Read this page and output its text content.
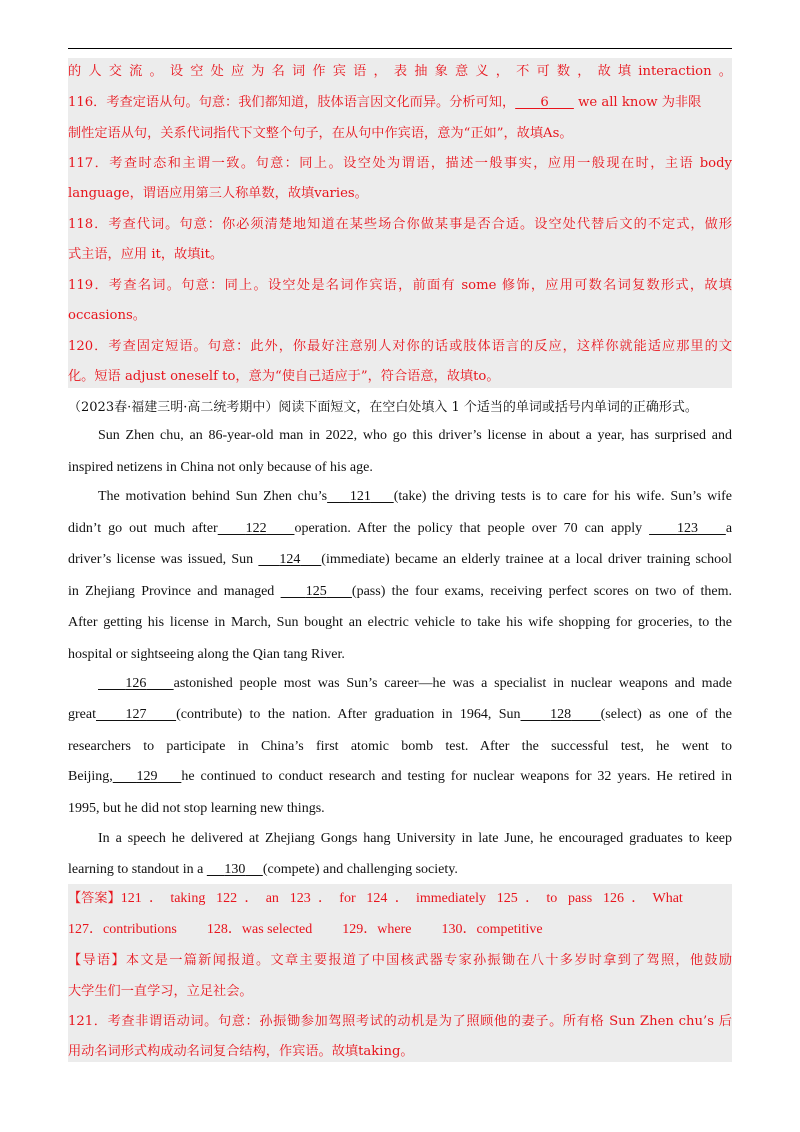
的人交流。设空处应为名词作宾语，表抽象意义，不可数，故填interaction。
116．考查定语从句。句意：我们都知道，肢体语言因文化而异。分析可知， 6       we all know 为非限
制性定语从句，关系代词指代下文整个句子，在从句中作宾语，意为“正如”，故填As。
117．考查时态和主谓一致。句意：同上。设空处为谓语，描述一般事实，应用一般现在时，主语 body
language，谓语应用第三人称单数，故填varies。
118．考查代词。句意：你必须清楚地知道在某些场合你做某事是否合适。设空处代替后文的不定式，做形
式主语，应用 it，故填it。
119．考查名词。句意：同上。设空处是名词作宾语，前面有 some 修饰，应用可数名词复数形式，故填
occasions。
120．考查固定短语。句意：此外，你最好注意别人对你的话或肢体语言的反应，这样你就能适应那里的文
化。短语 adjust oneself to，意为“使自己适应于”，符合语意，故填to。
（2023春·福建三明·高二统考期中）阅读下面短文，在空白处填入 1 个适当的单词或括号内单词的正确形式。
Sun Zhen chu, an 86-year-old man in 2022, who go this driver’s license in about a year, has surprised and
inspired netizens in China not only because of his age.
The motivation behind Sun Zhen chu’s 121 (take) the driving tests is to care for his wife. Sun’s wife
didn’t go out much after 122 operation. After the policy that people over 70 can apply     123 a
driver’s license was issued, Sun     124 (immediate) became an elderly trainee at a local driver training school
in Zhejiang Province and managed     125 (pass) the four exams, receiving perfect scores on two of them.
After getting his license in March, Sun bought an electric vehicle to take his wife shopping for groceries, to the
hospital or sightseeing along the Qian tang River.
126 astonished people most was Sun’s career—he was a specialist in nuclear weapons and made
great 127 (contribute) to the nation. After graduation in 1964, Sun 128 (select) as one of the
researchers to participate in China’s first atomic bomb test. After the successful test, he went to
Beijing, 129 he continued to conduct research and testing for nuclear weapons for 32 years. He retired in
1995, but he did not stop learning new things.
In a speech he delivered at Zhejiang Gongs hang University in late June, he encouraged graduates to keep
learning to standout in a      130 (compete) and challenging society.
【答案】121．taking 122．an 123．for 124．immediately 125．to pass 126．What
127．contributions 128．was selected 129．where 130．competitive
【导语】本文是一篇新闻报道。文章主要报道了中国核武器专家孙振锄在八十多岁时拿到了驾照，他鼓励
大学生们一直学习，立足社会。
121．考查非谓语动词。句意：孙振锄参加驾照考试的动机是为了照顾他的妻子。所有格 Sun Zhen chu’s 后
用动名词形式构成动名词复合结构，作宾语。故填taking。
